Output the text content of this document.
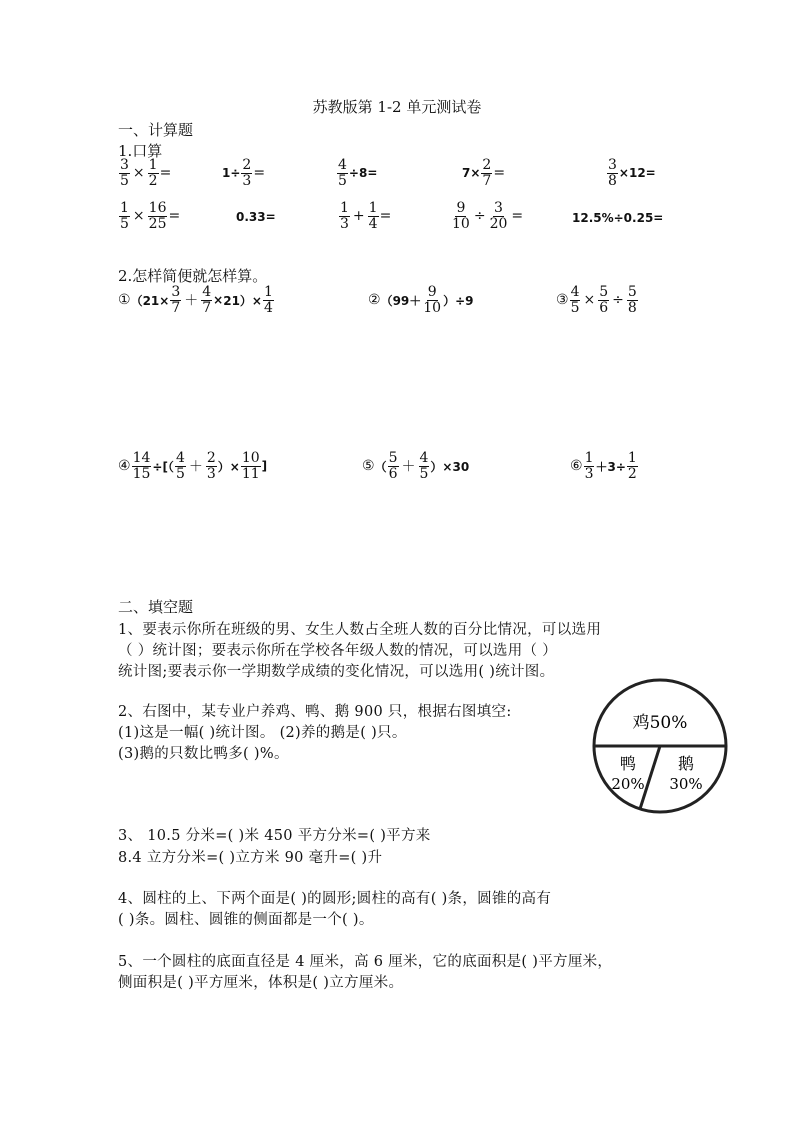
苏教版第 1-2 单元测试卷
一、计算题
1.口算
$\frac{3}{5} \times \frac{1}{2}$ =	$1\div \frac{2}{3}$ =	$\frac{4}{5} \div 8=$	$7\times \frac{2}{7}$ =	$\frac{3}{8} \times 12=$
$\frac{1}{5} \times \frac{16}{25}$ =	0.3 3 =	$\frac{1}{3} + \frac{1}{4}$ =	$\frac{9}{10} \div \frac{3}{20}$ =	12.5%÷0.25=
2.怎样简便就怎样算。
① $(21\times \frac{3}{7} + \frac{4}{7} \times 21)\times \frac{1}{4}$	② $(99+ \frac{9}{10} )\div 9$	③ $\frac{4}{5} \times \frac{5}{6} \div \frac{5}{8}$
④ $\frac{14}{15}$ ÷[（ $\frac{4}{5} + \frac{2}{3}$ ）× $\frac{10}{11}$ ]	⑤ （ $\frac{5}{6} + \frac{4}{5} )\times 30$	⑥ $\frac{1}{3} +3\div \frac{1}{2}$
二、填空题
1、要表示你所在班级的男、女生人数占全班人数的百分比情况，可以选用
（ ）统计图；要表示你所在学校各年级人数的情况，可以选用（ ）
统计图;要表示你一学期数学成绩的变化情况，可以选用( )统计图。
2、右图中，某专业户养鸡、鸭、鹅 900 只，根据右图填空:
(1)这是一幅( )统计图。 (2)养的鹅是( )只。
(3)鹅的只数比鸭多( )%。
3、 10.5 分米=( )米 450 平方分米=( )平方来
8.4 立方分米=( )立方米 90 毫升=( )升
4、圆柱的上、下两个面是( )的圆形;圆柱的高有( )条，圆锥的高有
( )条。圆柱、圆锥的侧面都是一个( )。
5、一个圆柱的底面直径是 4 厘米，高 6 厘米，它的底面积是( )平方厘米，
侧面积是( )平方厘米，体积是( )立方厘米。
鸡50%
鸭
20%
鹅
30%
